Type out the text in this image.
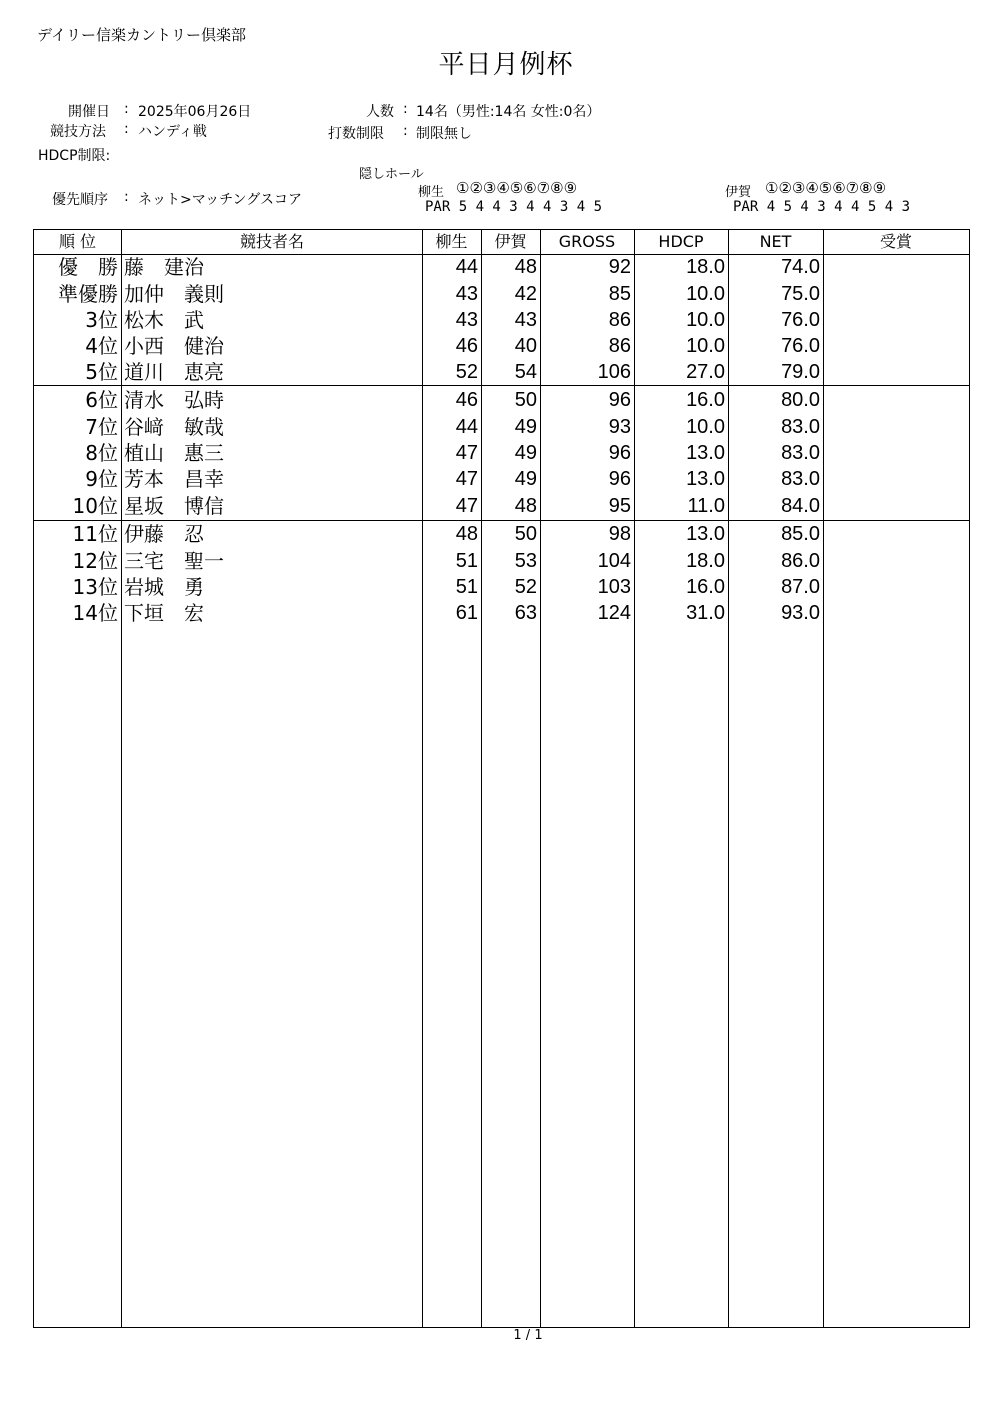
デイリー信楽カントリー倶楽部
平日月例杯
開催日 : 2025年06月26日
競技方法 : ハンディ戦
HDCP制限:
人数 : 14名（男性:14名 女性:0名）
打数制限 : 制限無し
優先順序 : ネット>マッチングスコア
隠しホール
柳生 ①②③④⑤⑥⑦⑧⑨
PAR 5 4 4 3 4 4 3 4 5
伊賀 ①②③④⑤⑥⑦⑧⑨
PAR 4 5 4 3 4 4 5 4 3
順 位	競技者名	柳生	伊賀	GROSS	HDCP	NET	受賞
優　勝 藤　建治	44	48	92	18.0	74.0
準優勝 加仲　義則	43	42	85	10.0	75.0
3位 松木　武	43	43	86	10.0	76.0
4位 小西　健治	46	40	86	10.0	76.0
5位 道川　恵亮	52	54	106	27.0	79.0
6位 清水　弘時	46	50	96	16.0	80.0
7位 谷﨑　敏哉	44	49	93	10.0	83.0
8位 植山　惠三	47	49	96	13.0	83.0
9位 芳本　昌幸	47	49	96	13.0	83.0
10位 星坂　博信	47	48	95	11.0	84.0
11位 伊藤　忍	48	50	98	13.0	85.0
12位 三宅　聖一	51	53	104	18.0	86.0
13位 岩城　勇	51	52	103	16.0	87.0
14位 下垣　宏	61	63	124	31.0	93.0
1 / 1
